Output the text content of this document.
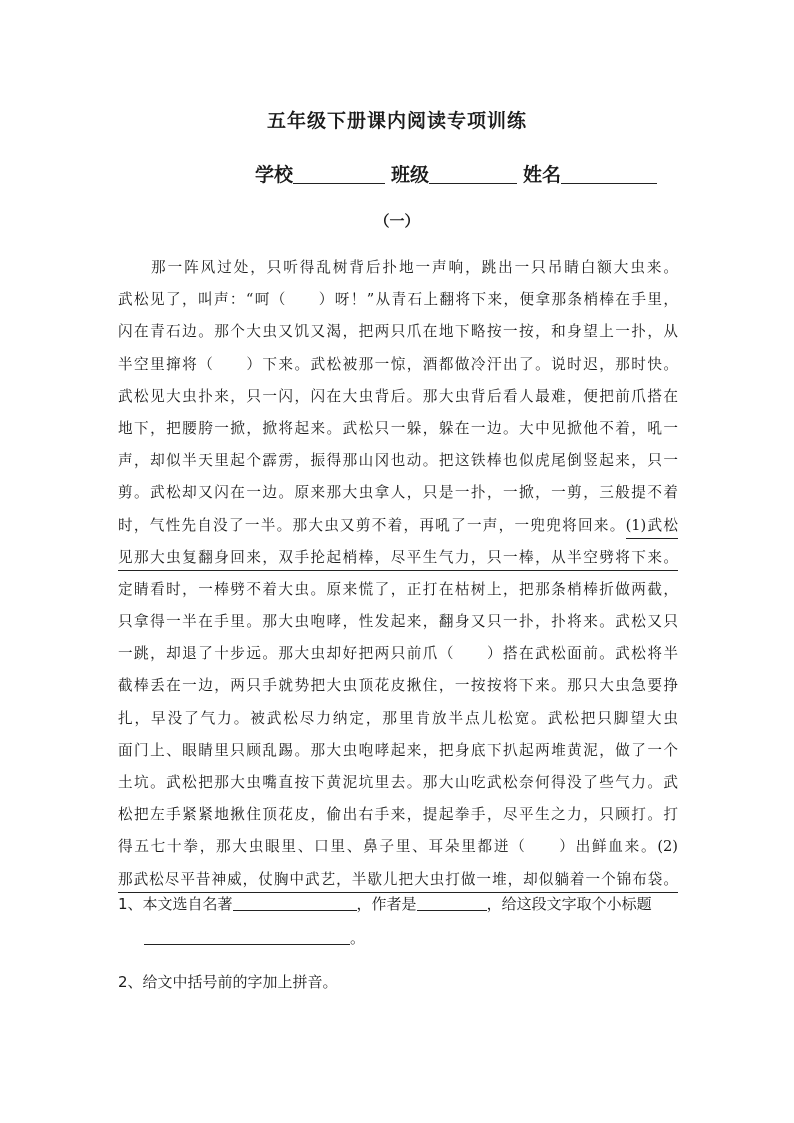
五年级下册课内阅读专项训练
学校	班级	姓名
（一）
　　那一阵风过处，只听得乱树背后扑地一声响，跳出一只吊睛白额大虫来。
武松见了，叫声：“呵（　　）呀！”从青石上翻将下来，便拿那条梢棒在手里，
闪在青石边。那个大虫又饥又渴，把两只爪在地下略按一按，和身望上一扑，从
半空里撺将（　　）下来。武松被那一惊，酒都做冷汗出了。说时迟，那时快。
武松见大虫扑来，只一闪，闪在大虫背后。那大虫背后看人最难，便把前爪搭在
地下，把腰胯一掀，掀将起来。武松只一躲，躲在一边。大中见掀他不着，吼一
声，却似半天里起个霹雳，振得那山冈也动。把这铁棒也似虎尾倒竖起来，只一
剪。武松却又闪在一边。原来那大虫拿人，只是一扑，一掀，一剪，三般提不着
时，气性先自没了一半。那大虫又剪不着，再吼了一声，一兜兜将回来。(1)武松
见那大虫复翻身回来，双手抡起梢棒，尽平生气力，只一棒，从半空劈将下来。
定睛看时，一棒劈不着大虫。原来慌了，正打在枯树上，把那条梢棒折做两截，
只拿得一半在手里。那大虫咆哮，性发起来，翻身又只一扑，扑将来。武松又只
一跳，却退了十步远。那大虫却好把两只前爪（　　）搭在武松面前。武松将半
截棒丢在一边，两只手就势把大虫顶花皮揪住，一按按将下来。那只大虫急要挣
扎，早没了气力。被武松尽力纳定，那里肯放半点儿松宽。武松把只脚望大虫
面门上、眼睛里只顾乱踢。那大虫咆哮起来，把身底下扒起两堆黄泥，做了一个
土坑。武松把那大虫嘴直按下黄泥坑里去。那大山吃武松奈何得没了些气力。武
松把左手紧紧地揪住顶花皮，偷出右手来，提起拳手，尽平生之力，只顾打。打
得五七十拳，那大虫眼里、口里、鼻子里、耳朵里都迸（　　）出鲜血来。(2)
那武松尽平昔神威，仗胸中武艺，半歇儿把大虫打做一堆，却似躺着一个锦布袋。
1、本文选自名著	，作者是	，给这段文字取个小标题
。
2、给文中括号前的字加上拼音。
